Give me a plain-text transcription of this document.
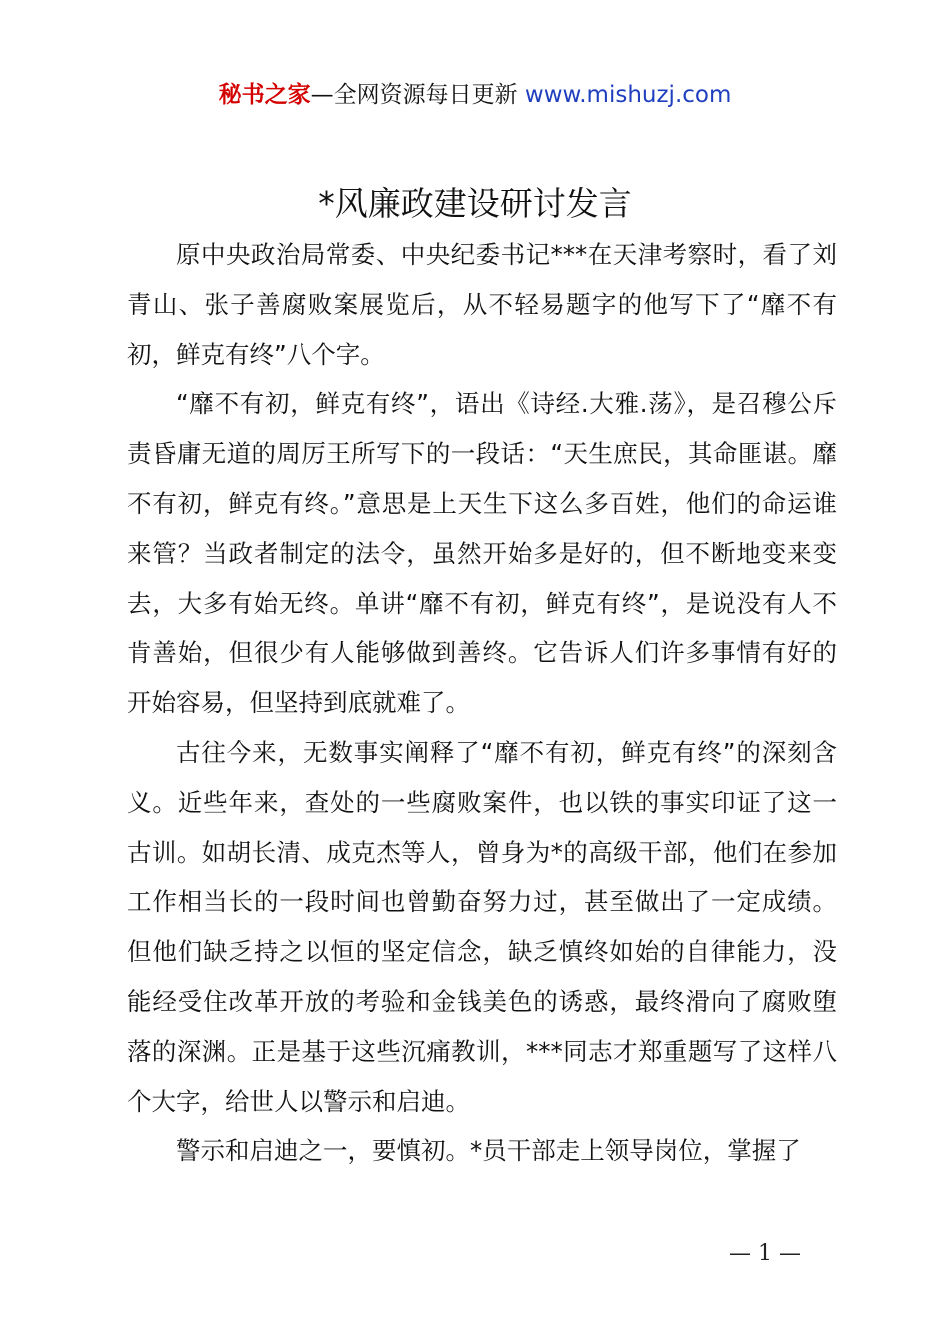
秘书之家—全网资源每日更新 www.mishuzj.com
*风廉政建设研讨发言

原中央政治局常委、中央纪委书记***在天津考察时，看了刘青山、张子善腐败案展览后，从不轻易题字的他写下了“靡不有初，鲜克有终”八个字。

“靡不有初，鲜克有终”，语出《诗经.大雅.荡》，是召穆公斥责昏庸无道的周厉王所写下的一段话：“天生庶民，其命匪谌。靡不有初，鲜克有终。”意思是上天生下这么多百姓，他们的命运谁来管？当政者制定的法令，虽然开始多是好的，但不断地变来变去，大多有始无终。单讲“靡不有初，鲜克有终”，是说没有人不肯善始，但很少有人能够做到善终。它告诉人们许多事情有好的开始容易，但坚持到底就难了。

古往今来，无数事实阐释了“靡不有初，鲜克有终”的深刻含义。近些年来，查处的一些腐败案件，也以铁的事实印证了这一古训。如胡长清、成克杰等人，曾身为*的高级干部，他们在参加工作相当长的一段时间也曾勤奋努力过，甚至做出了一定成绩。但他们缺乏持之以恒的坚定信念，缺乏慎终如始的自律能力，没能经受住改革开放的考验和金钱美色的诱惑，最终滑向了腐败堕落的深渊。正是基于这些沉痛教训，***同志才郑重题写了这样八个大字，给世人以警示和启迪。

警示和启迪之一，要慎初。*员干部走上领导岗位，掌握了

— 1 —
